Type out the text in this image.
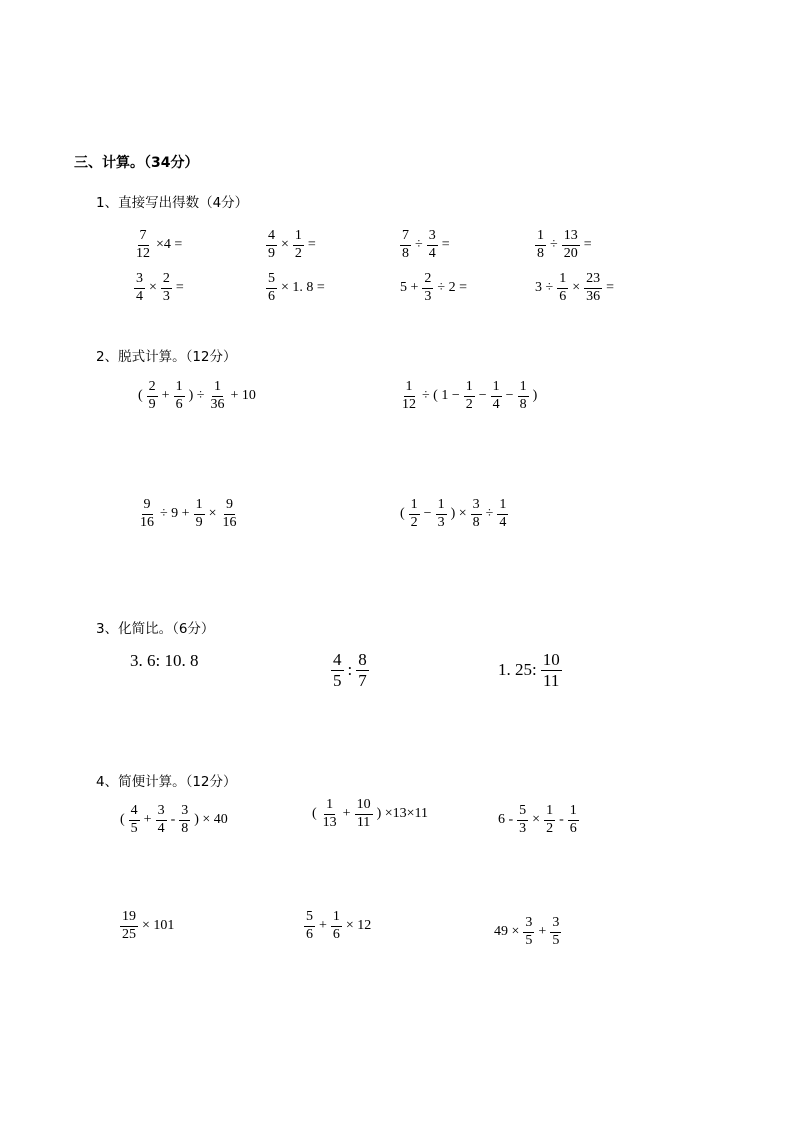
三、计算。（34分）
1、直接写出得数（4分）
$\frac{7}{12} \times 4$ =	$\frac{4}{9} \times \frac{1}{2}$ =	$\frac{7}{8} \div \frac{3}{4}$ =	$\frac{1}{8} \div \frac{13}{20}$ =
$\frac{3}{4} \times \frac{2}{3}$ =	$\frac{5}{6} \times 1$. 8 =	$5 + \frac{2}{3} \div 2$ =	$3 \div \frac{1}{6} \times \frac{23}{36}$ =
2、脱式计算。（12分）
( $\frac{2}{9} + \frac{1}{6}$ ) ÷ $\frac{1}{36} + 10$	$\frac{1}{12}$ ÷ ( $1 - \frac{1}{2} - \frac{1}{4} - \frac{1}{8}$ )
$\frac{9}{16} \div 9 + \frac{1}{9} \times \frac{9}{16}$	( $\frac{1}{2} - \frac{1}{3}$ ) × $\frac{3}{8} \div \frac{1}{4}$
3、化简比。（6分）
3. 6: 10. 8	$\frac{4}{5}$ : $\frac{8}{7}$	1. 25: $\frac{10}{11}$
4、简便计算。（12分）
( $\frac{4}{5} + \frac{3}{4} - \frac{3}{8}$ ) × 40	( $\frac{1}{13} + \frac{10}{11}$ ) ×13×11	$6 - \frac{5}{3} \times \frac{1}{2} - \frac{1}{6}$
$\frac{19}{25} \times 101$	$\frac{5}{6} + \frac{1}{6} \times 12$	$49 \times \frac{3}{5} + \frac{3}{5}$
